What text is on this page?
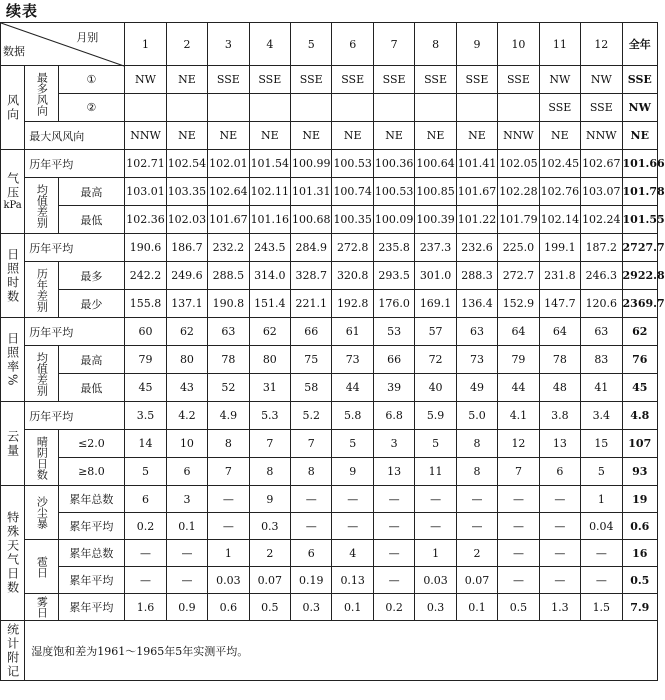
续表
月别
数据			1	2	3	4	5	6	7	8	9	10	11	12	全年
风向	最多风向	①	NW	NE	SSE	SSE	SSE	SSE	SSE	SSE	SSE	SSE	NW	NW	SSE
		②											SSE	SSE	NW
	最大风风向		NNW	NE	NE	NE	NE	NE	NE	NE	NE	NNW	NE	NNW	NE

气压
kPa	历年平均		102.71	102.54	102.01	101.54	100.99	100.53	100.36	100.64	101.41	102.05	102.45	102.67	101.66
	均值差别	最高	103.01	103.35	102.64	102.11	101.31	100.74	100.53	100.85	101.67	102.28	102.76	103.07	101.78
		最低	102.36	102.03	101.67	101.16	100.68	100.35	100.09	100.39	101.22	101.79	102.14	102.24	101.55
日照时数	历年平均		190.6	186.7	232.2	243.5	284.9	272.8	235.8	237.3	232.6	225.0	199.1	187.2	2727.7
	历年差别	最多	242.2	249.6	288.5	314.0	328.7	320.8	293.5	301.0	288.3	272.7	231.8	246.3	2922.8
		最少	155.8	137.1	190.8	151.4	221.1	192.8	176.0	169.1	136.4	152.9	147.7	120.6	2369.7
日照率%	历年平均		60	62	63	62	66	61	53	57	63	64	64	63	62
	均值差别	最高	79	80	78	80	75	73	66	72	73	79	78	83	76
		最低	45	43	52	31	58	44	39	40	49	44	48	41	45
云量	历年平均		3.5	4.2	4.9	5.3	5.2	5.8	6.8	5.9	5.0	4.1	3.8	3.4	4.8
	晴阴日数	≤2.0	14	10	8	7	7	5	3	5	8	12	13	15	107
		≥8.0	5	6	7	8	8	9	13	11	8	7	6	5	93
特殊天气日数	沙尘暴	累年总数	6	3	—	9	—	—	—	—	—	—	—	1	19
		累年平均	0.2	0.1	—	0.3	—	—	—	—	—	—	—	0.04	0.6
	雹日	累年总数	—	—	1	2	6	4	—	1	2	—	—	—	16
		累年平均	—	—	0.03	0.07	0.19	0.13	—	0.03	0.07	—	—	—	0.5
	雾日	累年平均	1.6	0.9	0.6	0.5	0.3	0.1	0.2	0.3	0.1	0.5	1.3	1.5	7.9
统计附记	湿度饱和差为1961～1965年5年实测平均。														
